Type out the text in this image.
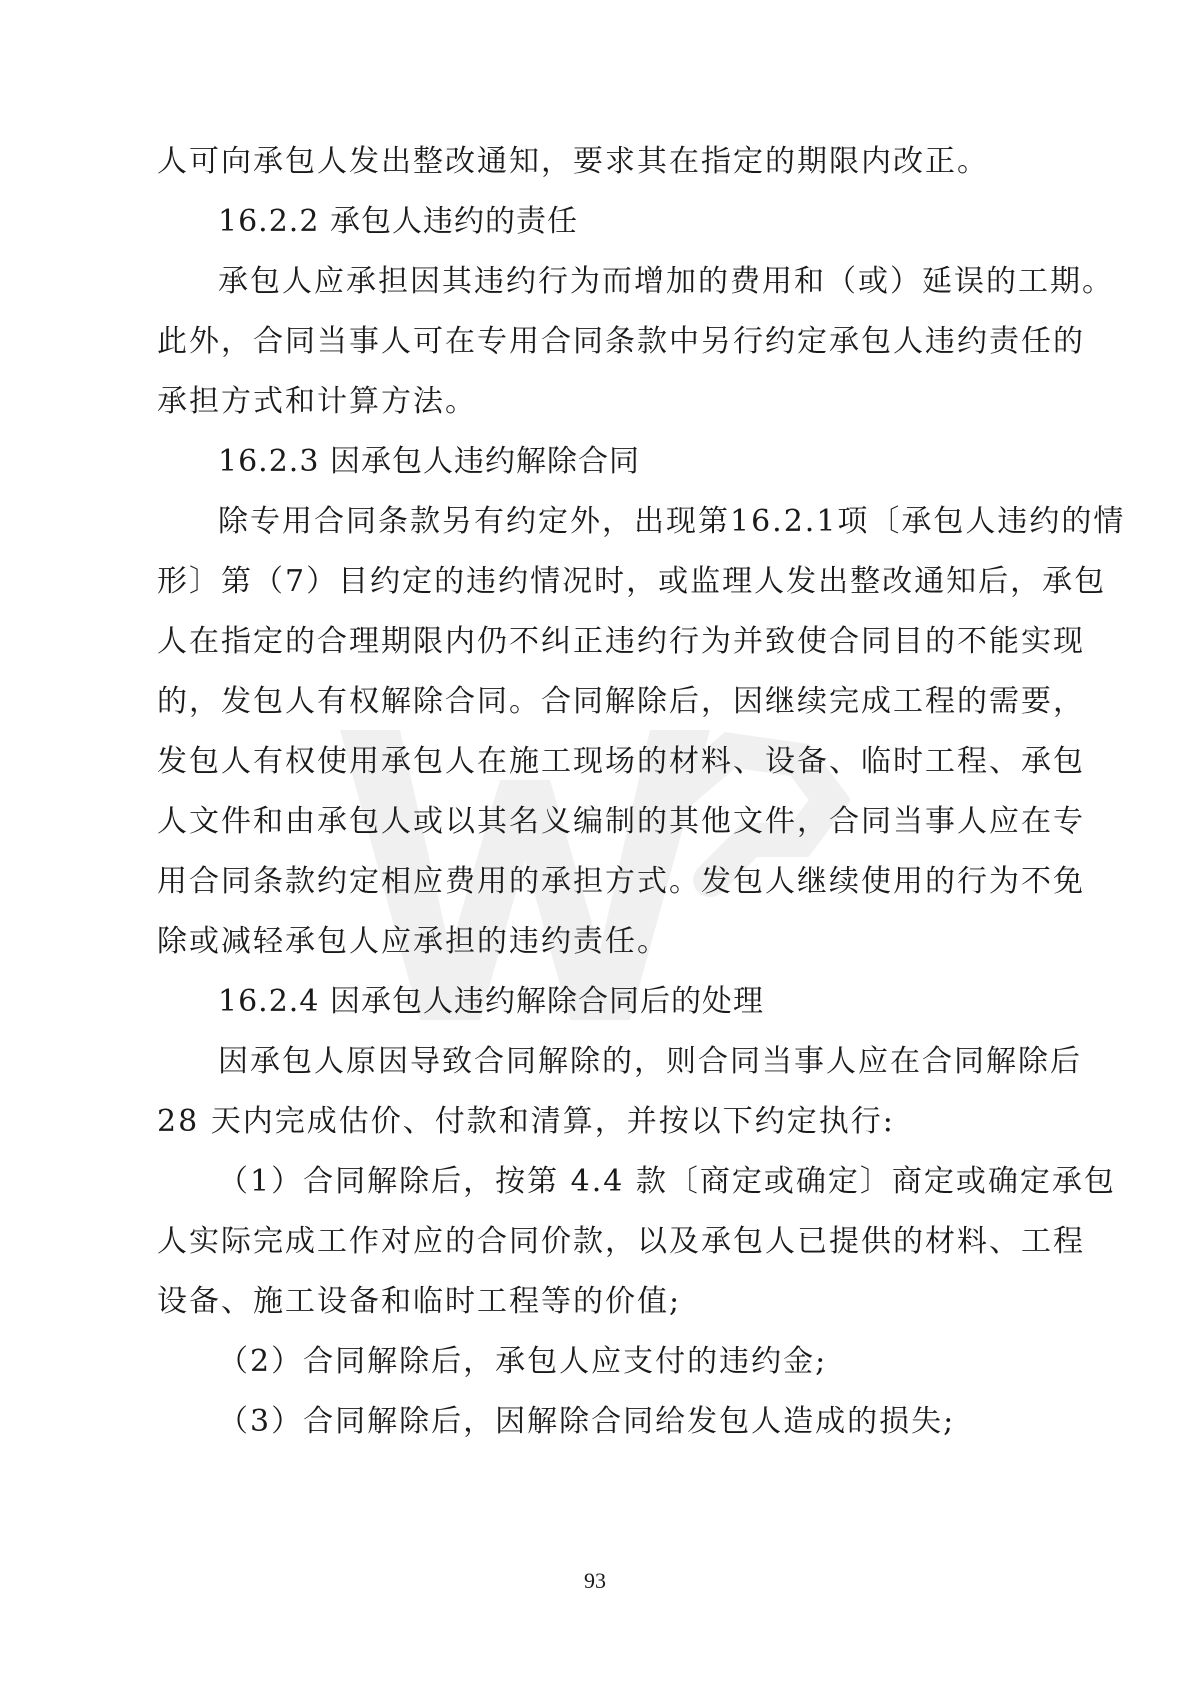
人可向承包人发出整改通知，要求其在指定的期限内改正。
16.2.2 承包人违约的责任
承包人应承担因其违约行为而增加的费用和（或）延误的工期。
此外，合同当事人可在专用合同条款中另行约定承包人违约责任的
承担方式和计算方法。
16.2.3 因承包人违约解除合同
除专用合同条款另有约定外，出现第16.2.1项〔承包人违约的情
形〕第（7）目约定的违约情况时，或监理人发出整改通知后，承包
人在指定的合理期限内仍不纠正违约行为并致使合同目的不能实现
的，发包人有权解除合同。合同解除后，因继续完成工程的需要，
发包人有权使用承包人在施工现场的材料、设备、临时工程、承包
人文件和由承包人或以其名义编制的其他文件，合同当事人应在专
用合同条款约定相应费用的承担方式。发包人继续使用的行为不免
除或减轻承包人应承担的违约责任。
16.2.4 因承包人违约解除合同后的处理
因承包人原因导致合同解除的，则合同当事人应在合同解除后
28 天内完成估价、付款和清算，并按以下约定执行:
（1）合同解除后，按第 4.4 款〔商定或确定〕商定或确定承包
人实际完成工作对应的合同价款，以及承包人已提供的材料、工程
设备、施工设备和临时工程等的价值;
（2）合同解除后，承包人应支付的违约金;
（3）合同解除后，因解除合同给发包人造成的损失;
93
